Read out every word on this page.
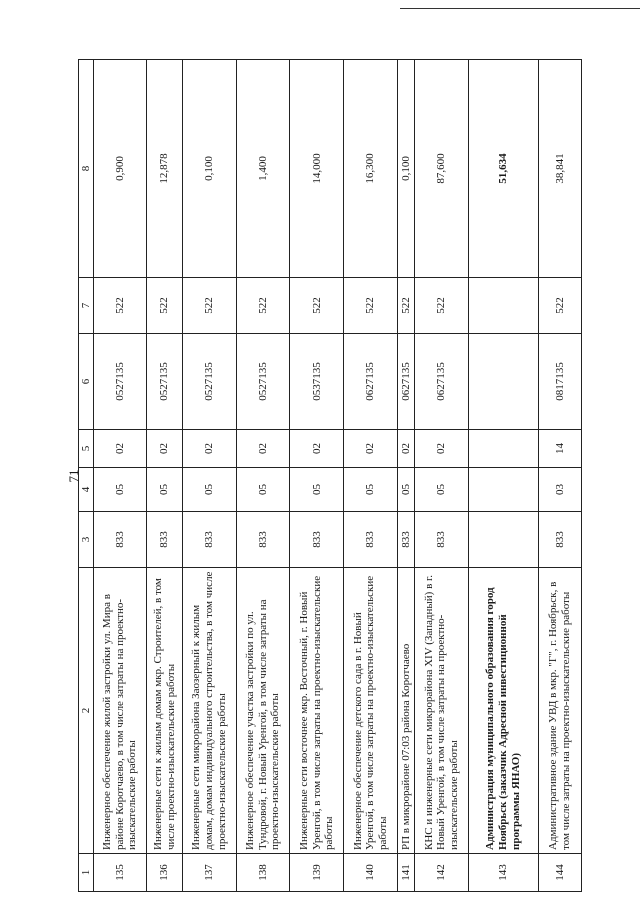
71
1	2	3	4	5	6	7	8
135	Инженерное обеспечение жилой застройки ул. Мира в районе Коротчаево, в том числе затраты на проектно-изыскательские работы	833	05	02	0527135	522	0,900
136	Инженерные сети к жилым домам мкр. Строителей, в том числе проектно-изыскательские работы	833	05	02	0527135	522	12,878
137	Инженерные сети микрорайона Заозерный к жилым домам, домам индивидуального строительства, в том числе проектно-изыскательские работы	833	05	02	0527135	522	0,100
138	Инженерное обеспечение участка застройки по ул. Тундровой, г. Новый Уренгой, в том числе затраты на проектно-изыскательские работы	833	05	02	0527135	522	1,400
139	Инженерные сети восточнее мкр. Восточный, г. Новый Уренгой, в том числе затраты на проектно-изыскательские работы	833	05	02	0537135	522	14,000
140	Инженерное обеспечение детского сада в г. Новый Уренгой, в том числе затраты на проектно-изыскательские работы	833	05	02	0627135	522	16,300
141	РП в микрорайоне 07:03 района Коротчаево	833	05	02	0627135	522	0,100
142	КНС и инженерные сети микрорайона XIV (Западный) в г. Новый Уренгой, в том числе затраты на проектно-изыскательские работы	833	05	02	0627135	522	87,600
143	Администрация муниципального образования город Ноябрьск (заказчик Адресной инвестиционной программы ЯНАО)						51,634
144	Административное здание УВД в мкр. "Г", г. Ноябрьск, в том числе затраты на проектно-изыскательские работы	833	03	14	0817135	522	38,841
